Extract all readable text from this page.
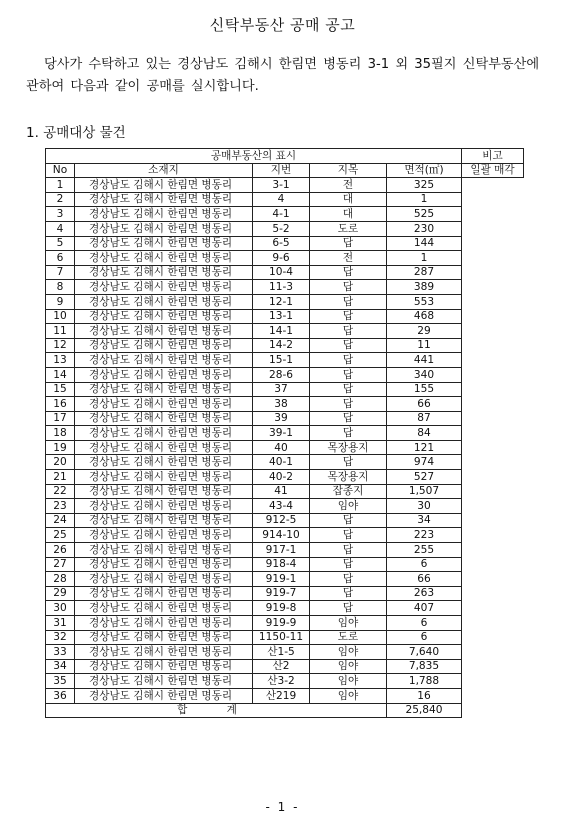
신탁부동산 공매 공고
당사가 수탁하고 있는 경상남도 김해시 한림면 병동리 3-1 외 35필지 신탁부동산에 관하여 다음과 같이 공매를 실시합니다.
1. 공매대상 물건
공매부동산의 표시					비고
No	소재지	지번	지목	면적(㎡)	일괄 매각
1	경상남도 김해시 한림면 병동리	3-1	전	325	
2	경상남도 김해시 한림면 병동리	4	대	1	
3	경상남도 김해시 한림면 병동리	4-1	대	525	
4	경상남도 김해시 한림면 병동리	5-2	도로	230	
5	경상남도 김해시 한림면 병동리	6-5	답	144	
6	경상남도 김해시 한림면 병동리	9-6	전	1	
7	경상남도 김해시 한림면 병동리	10-4	답	287	
8	경상남도 김해시 한림면 병동리	11-3	답	389	
9	경상남도 김해시 한림면 병동리	12-1	답	553	
10	경상남도 김해시 한림면 병동리	13-1	답	468	
11	경상남도 김해시 한림면 병동리	14-1	답	29	
12	경상남도 김해시 한림면 병동리	14-2	답	11	
13	경상남도 김해시 한림면 병동리	15-1	답	441	
14	경상남도 김해시 한림면 병동리	28-6	답	340	
15	경상남도 김해시 한림면 병동리	37	답	155	
16	경상남도 김해시 한림면 병동리	38	답	66	
17	경상남도 김해시 한림면 병동리	39	답	87	
18	경상남도 김해시 한림면 병동리	39-1	답	84	
19	경상남도 김해시 한림면 병동리	40	목장용지	121	
20	경상남도 김해시 한림면 병동리	40-1	답	974	
21	경상남도 김해시 한림면 병동리	40-2	목장용지	527	
22	경상남도 김해시 한림면 병동리	41	잡종지	1,507	
23	경상남도 김해시 한림면 병동리	43-4	임야	30	
24	경상남도 김해시 한림면 병동리	912-5	답	34	
25	경상남도 김해시 한림면 병동리	914-10	답	223	
26	경상남도 김해시 한림면 병동리	917-1	답	255	
27	경상남도 김해시 한림면 병동리	918-4	답	6	
28	경상남도 김해시 한림면 병동리	919-1	답	66	
29	경상남도 김해시 한림면 병동리	919-7	답	263	
30	경상남도 김해시 한림면 병동리	919-8	답	407	
31	경상남도 김해시 한림면 병동리	919-9	임야	6	
32	경상남도 김해시 한림면 병동리	1150-11	도로	6	
33	경상남도 김해시 한림면 병동리	산1-5	임야	7,640	
34	경상남도 김해시 한림면 병동리	산2	임야	7,835	
35	경상남도 김해시 한림면 병동리	산3-2	임야	1,788	
36	경상남도 김해시 한림면 명동리	산219	임야	16	
합 계				25,840	
- 1 -
